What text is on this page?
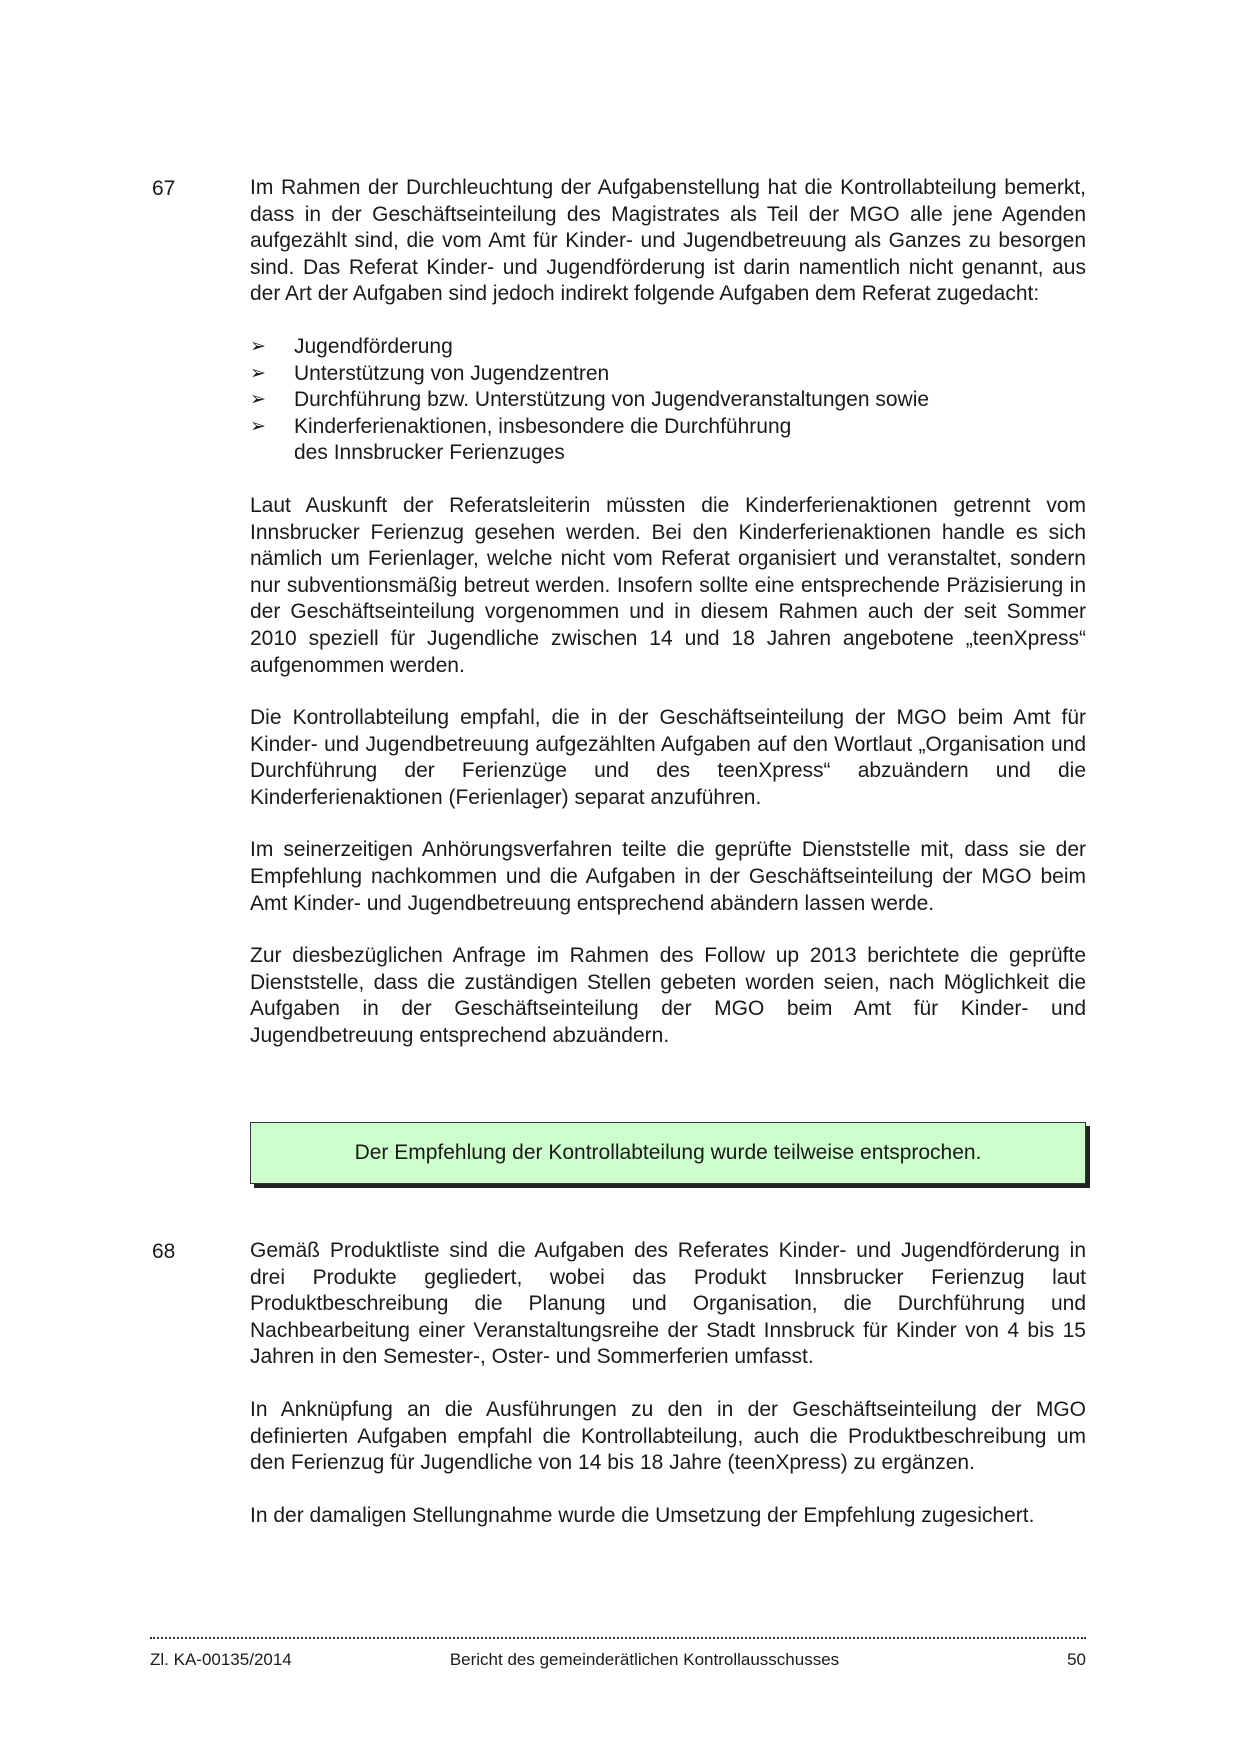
67	Im Rahmen der Durchleuchtung der Aufgabenstellung hat die Kontrollabteilung bemerkt, dass in der Geschäftseinteilung des Magistrates als Teil der MGO alle jene Agenden aufgezählt sind, die vom Amt für Kinder- und Jugendbetreuung als Ganzes zu besorgen sind. Das Referat Kinder- und Jugendförderung ist darin namentlich nicht genannt, aus der Art der Aufgaben sind jedoch indirekt folgende Aufgaben dem Referat zugedacht:

➢ Jugendförderung
➢ Unterstützung von Jugendzentren
➢ Durchführung bzw. Unterstützung von Jugendveranstaltungen sowie
➢ Kinderferienaktionen, insbesondere die Durchführung des Innsbrucker Ferienzuges

Laut Auskunft der Referatsleiterin müssten die Kinderferienaktionen getrennt vom Innsbrucker Ferienzug gesehen werden. Bei den Kinderferienaktionen handle es sich nämlich um Ferienlager, welche nicht vom Referat organisiert und veranstaltet, sondern nur subventionsmäßig betreut werden. Insofern sollte eine entsprechende Präzisierung in der Geschäftseinteilung vorgenommen und in diesem Rahmen auch der seit Sommer 2010 speziell für Jugendliche zwischen 14 und 18 Jahren angebotene „teenXpress“ aufgenommen werden.

Die Kontrollabteilung empfahl, die in der Geschäftseinteilung der MGO beim Amt für Kinder- und Jugendbetreuung aufgezählten Aufgaben auf den Wortlaut „Organisation und Durchführung der Ferienzüge und des teenXpress“ abzuändern und die Kinderferienaktionen (Ferienlager) separat anzuführen.

Im seinerzeitigen Anhörungsverfahren teilte die geprüfte Dienststelle mit, dass sie der Empfehlung nachkommen und die Aufgaben in der Geschäftseinteilung der MGO beim Amt Kinder- und Jugendbetreuung entsprechend abändern lassen werde.

Zur diesbezüglichen Anfrage im Rahmen des Follow up 2013 berichtete die geprüfte Dienststelle, dass die zuständigen Stellen gebeten worden seien, nach Möglichkeit die Aufgaben in der Geschäftseinteilung der MGO beim Amt für Kinder- und Jugendbetreuung entsprechend abzuändern.

Der Empfehlung der Kontrollabteilung wurde teilweise entsprochen.
68	Gemäß Produktliste sind die Aufgaben des Referates Kinder- und Jugendförderung in drei Produkte gegliedert, wobei das Produkt Innsbrucker Ferienzug laut Produktbeschreibung die Planung und Organisation, die Durchführung und Nachbearbeitung einer Veranstaltungsreihe der Stadt Innsbruck für Kinder von 4 bis 15 Jahren in den Semester-, Oster- und Sommerferien umfasst.

In Anknüpfung an die Ausführungen zu den in der Geschäftseinteilung der MGO definierten Aufgaben empfahl die Kontrollabteilung, auch die Produktbeschreibung um den Ferienzug für Jugendliche von 14 bis 18 Jahre (teenXpress) zu ergänzen.

In der damaligen Stellungnahme wurde die Umsetzung der Empfehlung zugesichert.

Zl. KA-00135/2014	Bericht des gemeinderätlichen Kontrollausschusses	50
